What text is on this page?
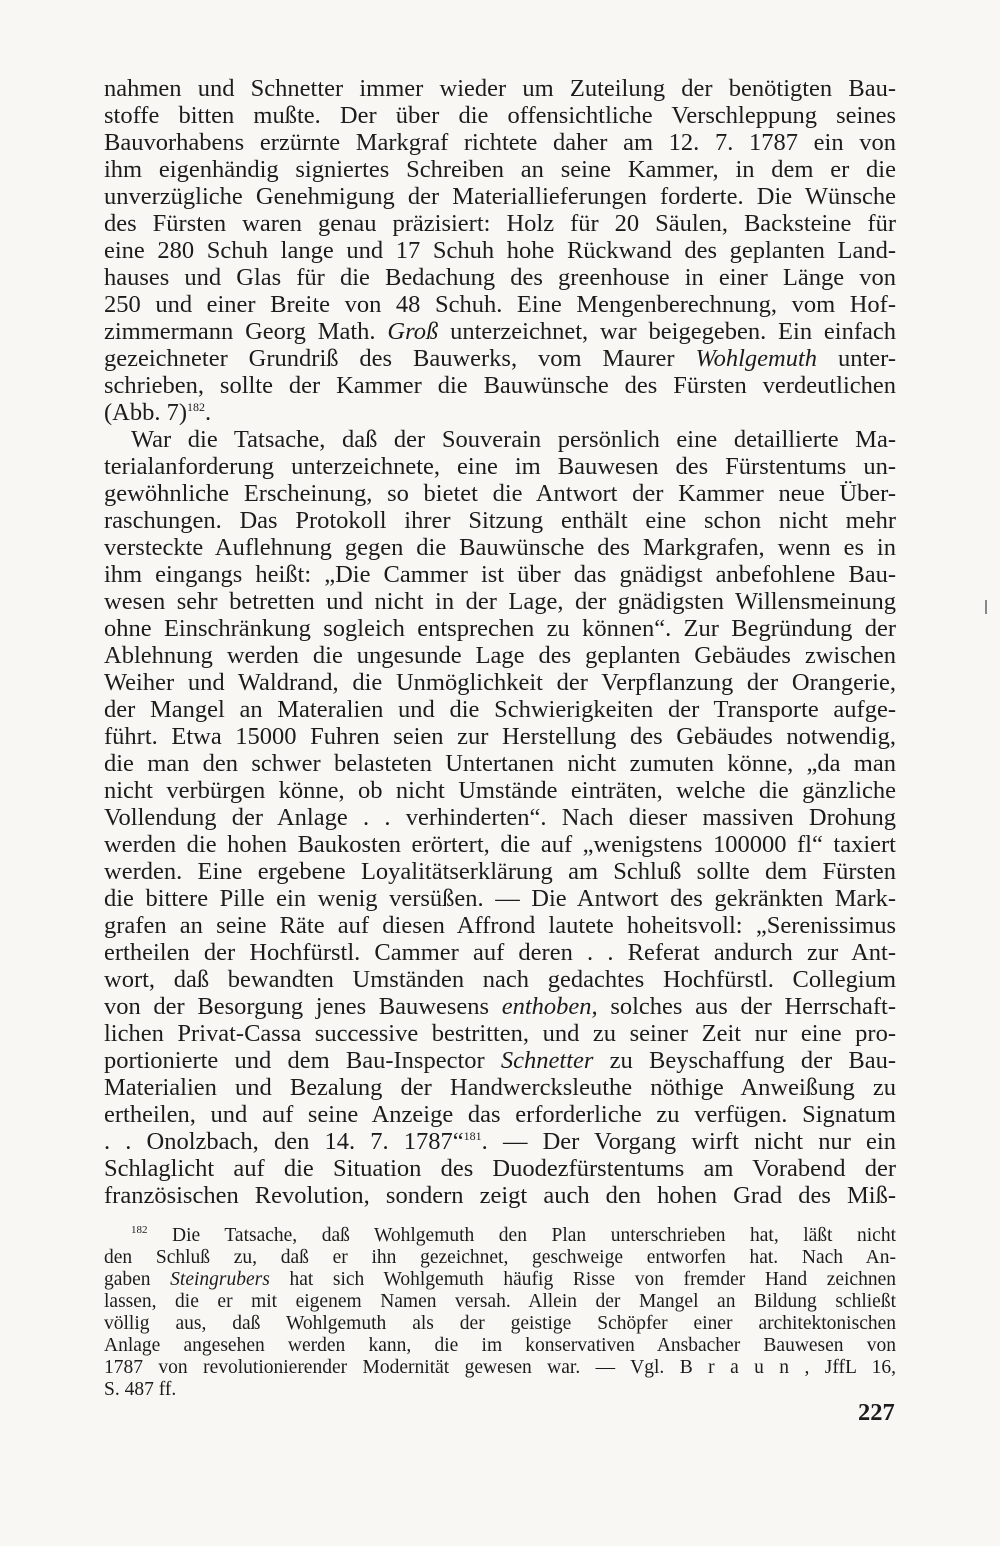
nahmen und Schnetter immer wieder um Zuteilung der benötigten Bau-
stoffe bitten mußte. Der über die offensichtliche Verschleppung seines
Bauvorhabens erzürnte Markgraf richtete daher am 12. 7. 1787 ein von
ihm eigenhändig signiertes Schreiben an seine Kammer, in dem er die
unverzügliche Genehmigung der Materiallieferungen forderte. Die Wünsche
des Fürsten waren genau präzisiert: Holz für 20 Säulen, Backsteine für
eine 280 Schuh lange und 17 Schuh hohe Rückwand des geplanten Land-
hauses und Glas für die Bedachung des greenhouse in einer Länge von
250 und einer Breite von 48 Schuh. Eine Mengenberechnung, vom Hof-
zimmermann Georg Math. Groß unterzeichnet, war beigegeben. Ein einfach
gezeichneter Grundriß des Bauwerks, vom Maurer Wohlgemuth unter-
schrieben, sollte der Kammer die Bauwünsche des Fürsten verdeutlichen
(Abb. 7)$^{182}$.
War die Tatsache, daß der Souverain persönlich eine detaillierte Ma-
terialanforderung unterzeichnete, eine im Bauwesen des Fürstentums un-
gewöhnliche Erscheinung, so bietet die Antwort der Kammer neue Über-
raschungen. Das Protokoll ihrer Sitzung enthält eine schon nicht mehr
versteckte Auflehnung gegen die Bauwünsche des Markgrafen, wenn es in
ihm eingangs heißt: „Die Cammer ist über das gnädigst anbefohlene Bau-
wesen sehr betretten und nicht in der Lage, der gnädigsten Willensmeinung
ohne Einschränkung sogleich entsprechen zu können“. Zur Begründung der
Ablehnung werden die ungesunde Lage des geplanten Gebäudes zwischen
Weiher und Waldrand, die Unmöglichkeit der Verpflanzung der Orangerie,
der Mangel an Materalien und die Schwierigkeiten der Transporte aufge-
führt. Etwa 15000 Fuhren seien zur Herstellung des Gebäudes notwendig,
die man den schwer belasteten Untertanen nicht zumuten könne, „da man
nicht verbürgen könne, ob nicht Umstände einträten, welche die gänzliche
Vollendung der Anlage . . verhinderten“. Nach dieser massiven Drohung
werden die hohen Baukosten erörtert, die auf „wenigstens 100000 fl“ taxiert
werden. Eine ergebene Loyalitätserklärung am Schluß sollte dem Fürsten
die bittere Pille ein wenig versüßen. — Die Antwort des gekränkten Mark-
grafen an seine Räte auf diesen Affrond lautete hoheitsvoll: „Serenissimus
ertheilen der Hochfürstl. Cammer auf deren . . Referat andurch zur Ant-
wort, daß bewandten Umständen nach gedachtes Hochfürstl. Collegium
von der Besorgung jenes Bauwesens enthoben, solches aus der Herrschaft-
lichen Privat-Cassa successive bestritten, und zu seiner Zeit nur eine pro-
portionierte und dem Bau-Inspector Schnetter zu Beyschaffung der Bau-
Materialien und Bezalung der Handwercksleuthe nöthige Anweißung zu
ertheilen, und auf seine Anzeige das erforderliche zu verfügen. Signatum
. . Onolzbach, den 14. 7. 1787“$^{181}$. — Der Vorgang wirft nicht nur ein
Schlaglicht auf die Situation des Duodezfürstentums am Vorabend der
französischen Revolution, sondern zeigt auch den hohen Grad des Miß-
$^{182}$ Die Tatsache, daß Wohlgemuth den Plan unterschrieben hat, läßt nicht
den Schluß zu, daß er ihn gezeichnet, geschweige entworfen hat. Nach An-
gaben Steingrubers hat sich Wohlgemuth häufig Risse von fremder Hand zeichnen
lassen, die er mit eigenem Namen versah. Allein der Mangel an Bildung schließt
völlig aus, daß Wohlgemuth als der geistige Schöpfer einer architektonischen
Anlage angesehen werden kann, die im konservativen Ansbacher Bauwesen von
1787 von revolutionierender Modernität gewesen war. — Vgl. B r a u n , JffL 16,
S. 487 ff.
227
